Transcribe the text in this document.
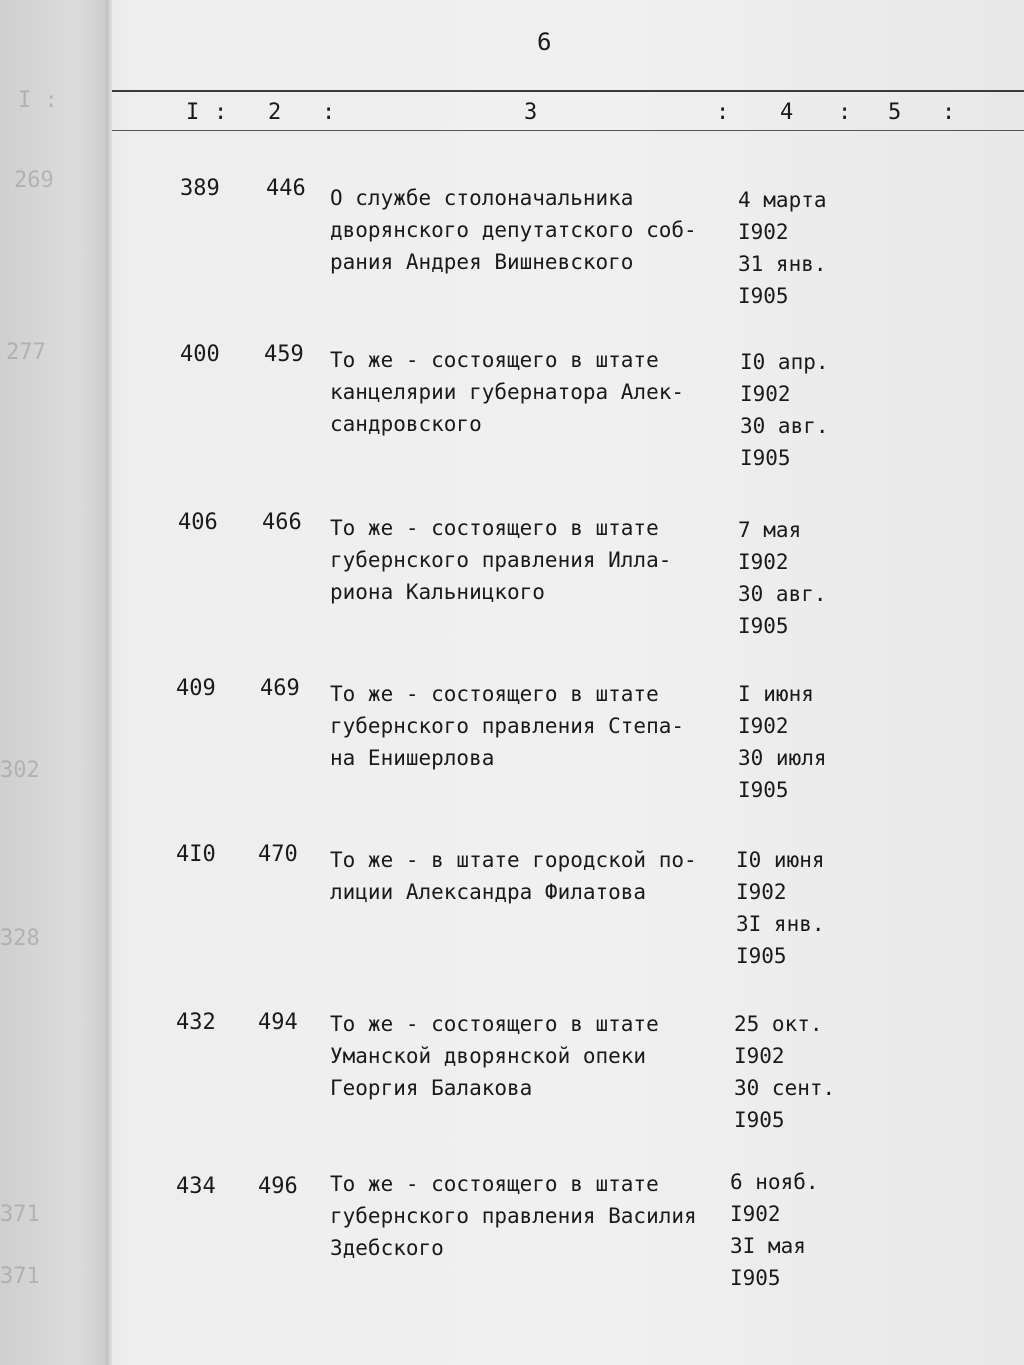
I :
269
277
302
328
371
371
6
I : 2 :	3	: 4 : 5 :
389 446 О службе столоначальника
дворянского депутатского соб-
рания Андрея Вишневского
4 марта
I902
31 янв.
I905
400 459 То же - состоящего в штате
канцелярии губернатора Алек-
сандровского
I0 апр.
I902
30 авг.
I905
406 466 То же - состоящего в штате
губернского правления Илла-
риона Кальницкого
7 мая
I902
30 авг.
I905
409 469 То же - состоящего в штате
губернского правления Степа-
на Енишерлова
I июня
I902
30 июля
I905
4I0 470 То же - в штате городской по-
лиции Александра Филатова
I0 июня
I902
3I янв.
I905
432 494 То же - состоящего в штате
Уманской дворянской опеки
Георгия Балакова
25 окт.
I902
30 сент.
I905
434 496 То же - состоящего в штате
губернского правления Василия
Здебского
6 нояб.
I902
3I мая
I905
